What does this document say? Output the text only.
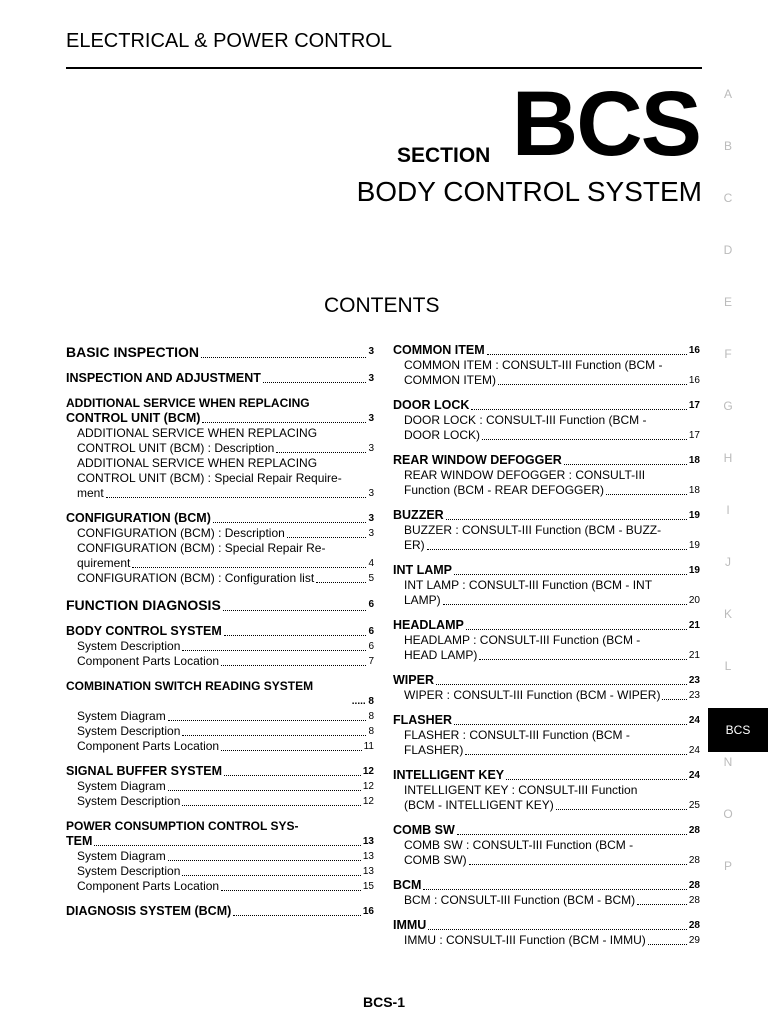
ELECTRICAL & POWER CONTROL
SECTION BCS
BODY CONTROL SYSTEM
CONTENTS
A
B
C
D
E
F
G
H
I
J
K
L
BCS
N
O
P
BASIC INSPECTION	3
INSPECTION AND ADJUSTMENT	3
ADDITIONAL SERVICE WHEN REPLACING
CONTROL UNIT (BCM)	3
ADDITIONAL SERVICE WHEN REPLACING
CONTROL UNIT (BCM) : Description	3
ADDITIONAL SERVICE WHEN REPLACING
CONTROL UNIT (BCM) : Special Repair Require-
ment	3
CONFIGURATION (BCM)	3
CONFIGURATION (BCM) : Description	3
CONFIGURATION (BCM) : Special Repair Re-
quirement	4
CONFIGURATION (BCM) : Configuration list	5
FUNCTION DIAGNOSIS	6
BODY CONTROL SYSTEM	6
System Description	6
Component Parts Location	7
COMBINATION SWITCH READING SYSTEM
..... 8
System Diagram	8
System Description	8
Component Parts Location	11
SIGNAL BUFFER SYSTEM	12
System Diagram	12
System Description	12
POWER CONSUMPTION CONTROL SYS-
TEM	13
System Diagram	13
System Description	13
Component Parts Location	15
DIAGNOSIS SYSTEM (BCM)	16
COMMON ITEM	16
COMMON ITEM : CONSULT-III Function (BCM -
COMMON ITEM)	16
DOOR LOCK	17
DOOR LOCK : CONSULT-III Function (BCM -
DOOR LOCK)	17
REAR WINDOW DEFOGGER	18
REAR WINDOW DEFOGGER : CONSULT-III
Function (BCM - REAR DEFOGGER)	18
BUZZER	19
BUZZER : CONSULT-III Function (BCM - BUZZ-
ER)	19
INT LAMP	19
INT LAMP : CONSULT-III Function (BCM - INT
LAMP)	20
HEADLAMP	21
HEADLAMP : CONSULT-III Function (BCM -
HEAD LAMP)	21
WIPER	23
WIPER : CONSULT-III Function (BCM - WIPER)	23
FLASHER	24
FLASHER : CONSULT-III Function (BCM -
FLASHER)	24
INTELLIGENT KEY	24
INTELLIGENT KEY : CONSULT-III Function
(BCM - INTELLIGENT KEY)	25
COMB SW	28
COMB SW : CONSULT-III Function (BCM -
COMB SW)	28
BCM	28
BCM : CONSULT-III Function (BCM - BCM)	28
IMMU	28
IMMU : CONSULT-III Function (BCM - IMMU)	29
BCS-1
